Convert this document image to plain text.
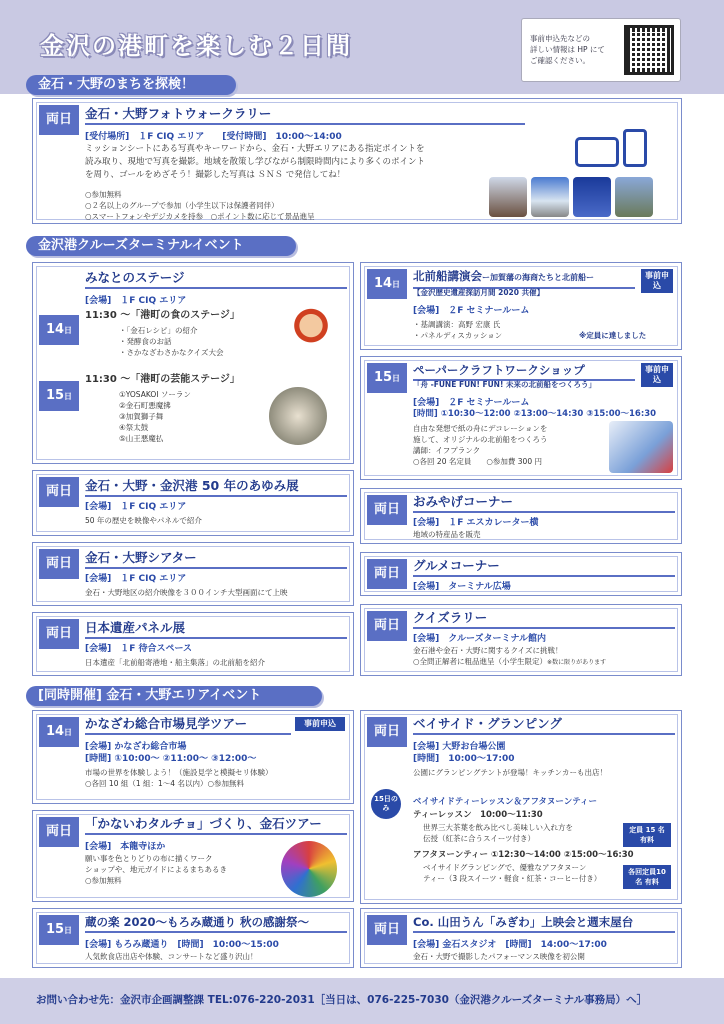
金沢の港町を楽しむ２日間	事前申込先などの
詳しい情報は HP にて
ご確認ください。
金石・大野のまちを探検！
両日	金石・大野フォトウォークラリー
[受付場所]　１F CIQ エリア　　[受付時間]　10:00～14:00
ミッションシートにある写真やキーワードから、金石・大野エリアにある指定ポイントを
読み取り、現地で写真を撮影。地域を散策し学びながら制限時間内により多くのポイント
を周り、ゴールをめざそう！撮影した写真は ＳＮＳ で発信してね！
○参加無料
○２名以上のグループで参加（小学生以下は保護者同伴）
○スマートフォンやデジカメを持参　○ポイント数に応じて景品進呈
金沢港クルーズターミナルイベント
みなとのステージ
[会場]　１F CIQ エリア
14日
11:30 ～「港町の食のステージ」
・「金石レシピ」の紹介
・発酵食のお話
・さかなざわさかなクイズ大会
15日
11:30 ～「港町の芸能ステージ」
①YOSAKOI ソーラン
②金石町悪魔拂
③加賀獅子舞
④祭太鼓
⑤山王悪魔払
14日
北前船講演会ー加賀藩の海商たちと北前船ー
【金沢歴史遺産探訪月間 2020 共催】
事前申込
[会場]　２F セミナールーム
・基調講演：高野 宏康 氏
・パネルディスカッション	※定員に達しました
15日
ペーパークラフトワークショップ
「舟 -FUNE FUN! FUN! 未来の北前船をつくろう」
事前申込
[会場]　２F セミナールーム
[時間] ①10:30～12:00 ②13:00～14:30 ③15:00～16:30
自由な発想で紙の舟にデコレーションを
施して、オリジナルの北前船をつくろう
講師：イフプランク
○各回 20 名定員　　○参加費 300 円
両日	金石・大野・金沢港 50 年のあゆみ展
[会場]　１F CIQ エリア
50 年の歴史を映像やパネルで紹介
両日
おみやげコーナー
[会場]　１F エスカレーター横
地域の特産品を販売
両日	金石・大野シアター
[会場]　１F CIQ エリア
金石・大野地区の紹介映像を３００インチ大型画面にて上映
両日
グルメコーナー
[会場]　ターミナル広場
両日	日本遺産パネル展
[会場]　１F 待合スペース
日本遺産「北前船寄港地・船主集落」の北前船を紹介
両日
クイズラリー
[会場]　クルーズターミナル館内
金石港や金石・大野に関するクイズに挑戦！
○全問正解者に粗品進呈（小学生限定）※数に限りがあります
[同時開催] 金石・大野エリアイベント
14日
かなざわ総合市場見学ツアー	事前申込
[会場] かなざわ総合市場
[時間] ①10:00～ ②11:00～ ③12:00～
市場の世界を体験しよう！（施設見学と模擬セリ体験）
○各回 10 組（1 組：1～4 名以内）○参加無料
両日
ベイサイド・グランピング
[会場] 大野お台場公園
[時間]　10:00～17:00
公園にグランピングテントが登場！キッチンカーも出店！
15日のみ
ベイサイドティーレッスン＆アフタヌーンティー
ティーレッスン　10:00～11:30
世界三大茶葉を飲み比べし美味しい入れ方を
伝授（紅茶に合うスイーツ付き）
定員 15 名 有料
アフタヌーンティー ①12:30～14:00 ②15:00～16:30
ベイサイドグランピングで、優雅なアフタヌーン
ティー（3 段スイーツ・軽食・紅茶・コーヒー付き）
各回定員10名 有料
両日
「かないわタルチョ」づくり、金石ツアー
[会場]　本龍寺ほか
願い事を色とりどりの布に描くワーク
ショップや、地元ガイドによるまちあるき
○参加無料
15日
蔵の楽 2020～もろみ蔵通り 秋の感謝祭～
[会場] もろみ蔵通り　[時間]　10:00～15:00
人気飲食店出店や体験、コンサートなど盛り沢山！
両日	Co. 山田うん「みぎわ」上映会と週末屋台
[会場] 金石スタジオ　[時間]　14:00～17:00
金石・大野で撮影したパフォーマンス映像を初公開
お問い合わせ先：金沢市企画調整課 TEL:076-220-2031［当日は、076-225-7030（金沢港クルーズターミナル事務局）へ］
